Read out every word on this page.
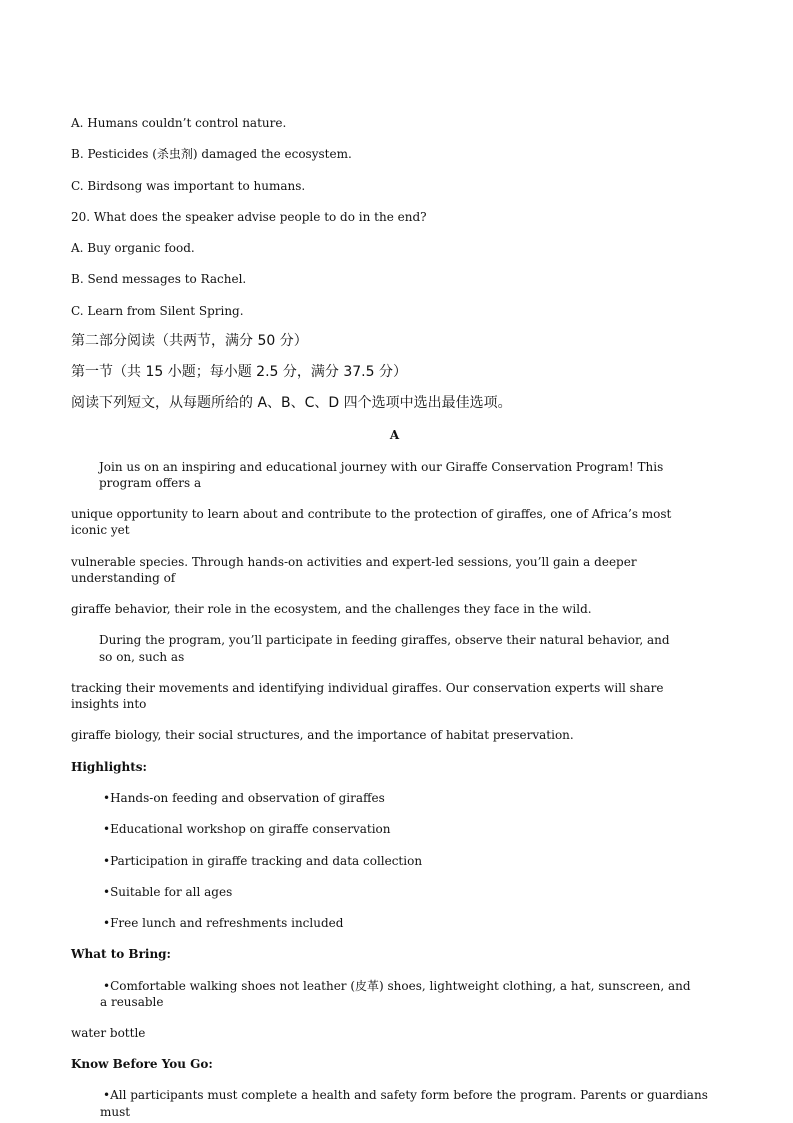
A. Humans couldn’t control nature.
B. Pesticides (杀虫剂) damaged the ecosystem.
C. Birdsong was important to humans.
20. What does the speaker advise people to do in the end?
A. Buy organic food.
B. Send messages to Rachel.
C. Learn from Silent Spring.
第二部分阅读（共两节，满分 50 分）
第一节（共 15 小题；每小题 2.5 分，满分 37.5 分）
阅读下列短文，从每题所给的 A、B、C、D 四个选项中选出最佳选项。
A
Join us on an inspiring and educational journey with our Giraffe Conservation Program! This
program offers a
unique opportunity to learn about and contribute to the protection of giraffes, one of Africa’s most
iconic yet
vulnerable species. Through hands-on activities and expert-led sessions, you’ll gain a deeper
understanding of
giraffe behavior, their role in the ecosystem, and the challenges they face in the wild.
During the program, you’ll participate in feeding giraffes, observe their natural behavior, and
so on, such as
tracking their movements and identifying individual giraffes. Our conservation experts will share
insights into
giraffe biology, their social structures, and the importance of habitat preservation.
Highlights:
•Hands-on feeding and observation of giraffes
•Educational workshop on giraffe conservation
•Participation in giraffe tracking and data collection
•Suitable for all ages
•Free lunch and refreshments included
What to Bring:
•Comfortable walking shoes not leather (皮革) shoes, lightweight clothing, a hat, sunscreen, and
a reusable
water bottle
Know Before You Go:
•All participants must complete a health and safety form before the program. Parents or guardians
must
